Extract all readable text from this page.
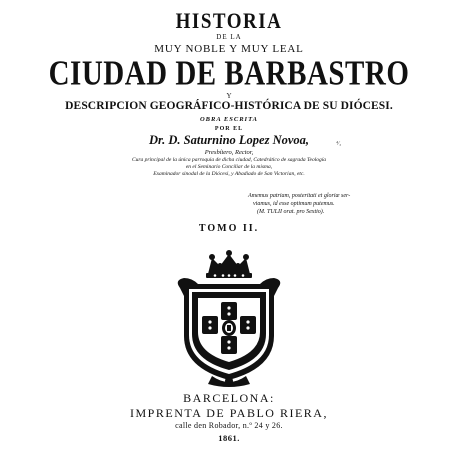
HISTORIA
DE LA
MUY NOBLE Y MUY LEAL
CIUDAD DE BARBASTRO
Y
DESCRIPCION GEOGRÁFICO-HISTÓRICA DE SU DIÓCESI.
OBRA ESCRITA
POR EL
Dr. D. Saturnino Lopez Novoa,	⁴⁄₃
Presbítero, Rector,
Cura principal de la única parroquia de dicha ciudad, Catedrático de sagrada Teología
en el Seminario Conciliar de la misma,
Examinador sinodal de la Diócesi, y Abadiado de San Victorian, etc.
Amemus patriam, posteritati et gloriæ ser-
viamus, id esse optimum putemus.
(M. TULII orat. pro Sextio).
TOMO II.
BARCELONA:
IMPRENTA DE PABLO RIERA,
calle den Robador, n.º 24 y 26.
1861.
